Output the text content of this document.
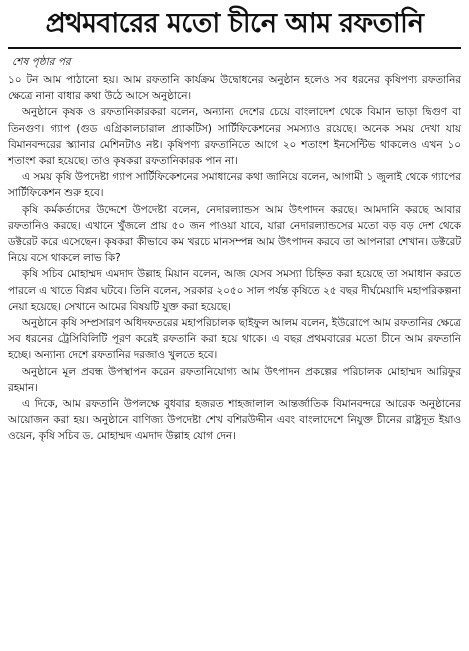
প্রথমবারের মতো চীনে আম রফতানি
শেষ পৃষ্ঠার পর

১০ টন আম পাঠানো হয়। আম রফতানি কার্যক্রম উদ্বোধনের অনুষ্ঠান হলেও সব ধরনের কৃষিপণ্য রফতানির ক্ষেত্রে নানা বাধার কথা উঠে আসে অনুষ্ঠানে।

অনুষ্ঠানে কৃষক ও রফতানিকারকরা বলেন, অন্যান্য দেশের চেয়ে বাংলাদেশ থেকে বিমান ভাড়া দ্বিগুণ বা তিনগুণ। গ্যাপ (গুড এগ্রিকালচারাল প্র্যাকটিস) সার্টিফিকেশনের সমস্যাও রয়েছে। অনেক সময় দেখা যায় বিমানবন্দরের স্ক্যানার মেশিনটাও নষ্ট। কৃষিপণ্য রফতানিতে আগে ২০ শতাংশ ইনসেন্টিভ থাকলেও এখন ১০ শতাংশ করা হয়েছে। তাও কৃষকরা রফতানিকারক পান না।

এ সময় কৃষি উপদেষ্টা গ্যাপ সার্টিফিকেশনের সমাধানের কথা জানিয়ে বলেন, আগামী ১ জুলাই থেকে গ্যাপের সার্টিফিকেশন শুরু হবে।

কৃষি কর্মকর্তাদের উদ্দেশে উপদেষ্টা বলেন, নেদারল্যান্ডস আম উৎপাদন করছে। আমদানি করছে আবার রফতানিও করছে। এখানে খুঁজলে প্রায় ৫০ জন পাওয়া যাবে, যারা নেদারল্যান্ডসের মতো বড় বড় দেশ থেকে ডক্টরেট করে এসেছেন। কৃষকরা কীভাবে কম খরচে মানসম্পন্ন আম উৎপাদন করবে তা আপনারা শেখান। ডক্টরেট নিয়ে বসে থাকলে লাভ কি?

কৃষি সচিব মোহাম্মদ এমদাদ উল্লাহ মিয়ান বলেন, আজ যেসব সমস্যা চিহ্নিত করা হয়েছে তা সমাধান করতে পারলে এ খাতে বিপ্লব ঘটবে। তিনি বলেন, সরকার ২০৫০ সাল পর্যন্ত কৃষিতে ২৫ বছর দীর্ঘমেয়াদি মহাপরিকল্পনা নেয়া হয়েছে। সেখানে আমের বিষয়টি যুক্ত করা হয়েছে।

অনুষ্ঠানে কৃষি সম্প্রসারণ অধিদফতরের মহাপরিচালক ছাইফুল আলম বলেন, ইউরোপে আম রফতানির ক্ষেত্রে সব ধরনের ট্রেসিবিলিটি পূরণ করেই রফতানি করা হয়ে থাকে। এ বছর প্রথমবারের মতো চীনে আম রফতানি হচ্ছে। অন্যান্য দেশে রফতানির দরজাও খুলতে হবে।

অনুষ্ঠানে মূল প্রবন্ধ উপস্থাপন করেন রফতানিযোগ্য আম উৎপাদন প্রকল্পের পরিচালক মোহাম্মদ আরিফুর রহমান।

এ দিকে, আম রফতানি উপলক্ষে বুধবার হজরত শাহজালাল আন্তর্জাতিক বিমানবন্দরে আরেক অনুষ্ঠানের আয়োজন করা হয়। অনুষ্ঠানে বাণিজ্য উপদেষ্টা শেখ বশিরউদ্দীন এবং বাংলাদেশে নিযুক্ত চীনের রাষ্ট্রদূত ইয়াও ওয়েন, কৃষি সচিব ড. মোহাম্মদ এমদাদ উল্লাহ যোগ দেন।
